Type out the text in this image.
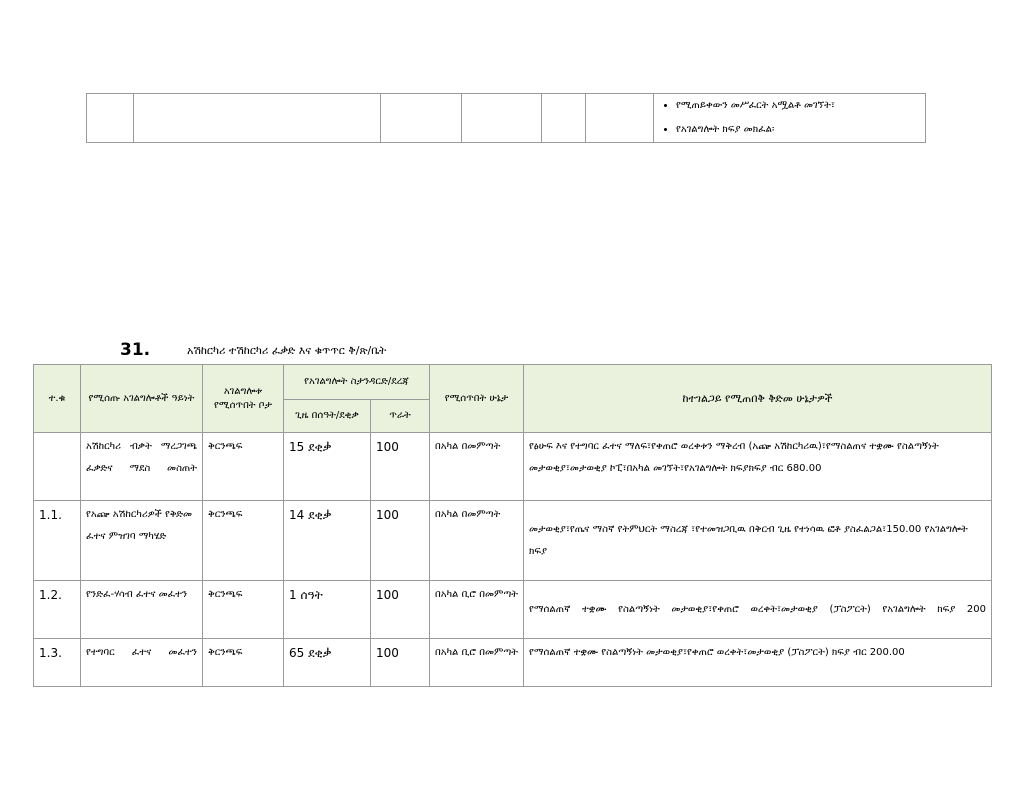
• የሚጠይቀውን መሥፈርት አሟልቶ መገኘት፣
• የአገልግሎት ክፍያ መክፈል፡
31.	አሽከርካሪ ተሽከርካሪ ፈቃድ እና ቁጥጥር ቅ/ጽ/ቤት
ተ.ቁ	የሚሰጡ አገልግሎቶች ዓይነት	አገልግሎቱ የሚሰጥበት ቦታ	የአገልግሎት ስታንዳርድ/ደረጃ		የሚሰጥበት ሁኔታ	ከተገልጋይ የሚጠበቅ ቅድመ ሁኔታዎች
			ጊዜ በሰዓት/ደቂቃ	ጥራት		
	አሽከርካሪ ብቃት ማረጋገጫ ፈቃድና ማደስ መስጠት	ቅርንጫፍ	15 ደቂቃ	100	በአካል በመምጣት	የፅሁፍ እና የተግባር ፈተና ማለፍ፣የቀጠሮ ወረቀቱን ማቅረብ (አጬ አሽከርካሪዉ)፣የማስልጠና ተቋሙ የስልጣኝነት መታወቂያ፣መታወቂያ ኮፒ፣በአካል መገኘት፣የአገልግሎት ክፍያክፍያ ብር 680.00
1.1.	የአጬ አሽከርካሪዎች የቅድመ ፈተና ምዝገባ ማካሄድ	ቅርንጫፍ	14 ደቂቃ	100	በአካል በመምጣት	መታወቂያ፣የጤና ማስኛ የትምህርት ማስረጃ ፣የተመዝጋቢዉ በቅርብ ጊዜ የተነሳዉ ፎቶ ያስፈልጋል፣150.00 የአገልግሎት ክፍያ
1.2.	የንድፈ-ሃሳብ ፈተና መፈተን	ቅርንጫፍ	1 ሰዓት	100	በአካል ቢሮ በመምጣት	የማሰልጠኛ ተቋሙ የስልጣኝነት መታወቂያ፣የቀጠሮ ወረቀት፣መታወቂያ (ፓስፖርት) የአገልግሎት ክፍያ 200
1.3.	የተግባር ፈተና መፈተን	ቅርንጫፍ	65 ደቂቃ	100	በአካል ቢሮ በመምጣት	የማሰልጠኛ ተቋሙ የስልጣኝነት መታወቂያ፣የቀጠሮ ወረቀት፣መታወቂያ (ፓስፖርት) ክፍያ ብር 200.00
